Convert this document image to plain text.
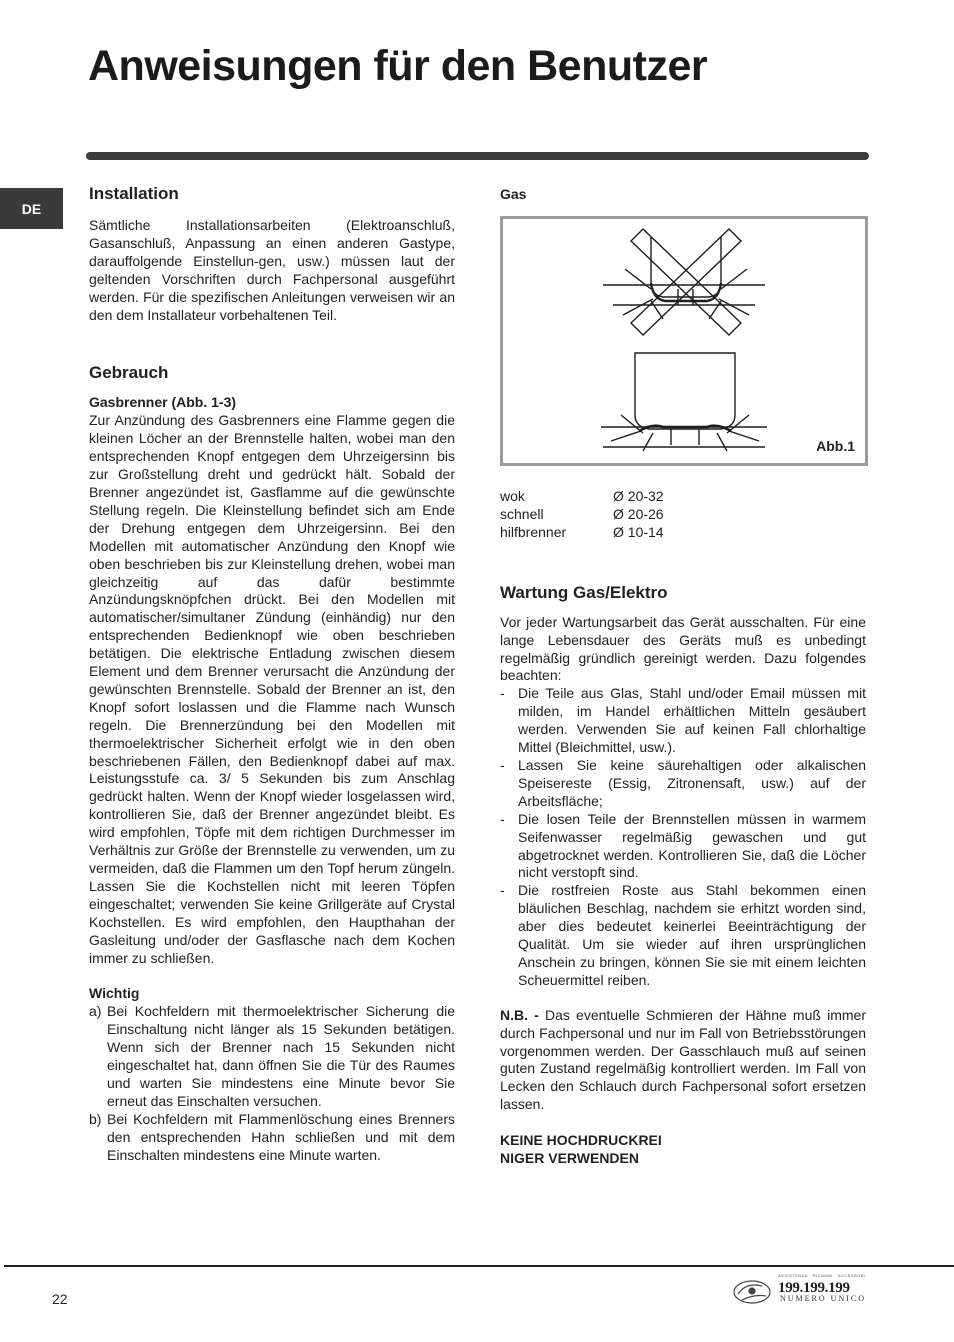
Anweisungen für den Benutzer
DE
Installation

Sämtliche Installationsarbeiten (Elektroanschluß, Gasanschluß, Anpassung an einen anderen Gastype, darauffolgende Einstellun-gen, usw.) müssen laut der geltenden Vorschriften durch Fachpersonal ausgeführt werden. Für die spezifischen Anleitungen verweisen wir an den dem Installateur vorbehaltenen Teil.

Gebrauch
Gasbrenner (Abb. 1-3)

Zur Anzündung des Gasbrenners eine Flamme gegen die kleinen Löcher an der Brennstelle halten, wobei man den entsprechenden Knopf entgegen dem Uhrzeigersinn bis zur Großstellung dreht und gedrückt hält. Sobald der Brenner angezündet ist, Gasflamme auf die gewünschte Stellung regeln. Die Kleinstellung befindet sich am Ende der Drehung entgegen dem Uhrzeigersinn. Bei den Modellen mit automatischer Anzündung den Knopf wie oben beschrieben bis zur Kleinstellung drehen, wobei man gleichzeitig auf das dafür bestimmte Anzündungsknöpfchen drückt. Bei den Modellen mit automatischer/simultaner Zündung (einhändig) nur den entsprechenden Bedienknopf wie oben beschrieben betätigen. Die elektrische Entladung zwischen diesem Element und dem Brenner verursacht die Anzündung der gewünschten Brennstelle. Sobald der Brenner an ist, den Knopf sofort loslassen und die Flamme nach Wunsch regeln. Die Brennerzündung bei den Modellen mit thermoelektrischer Sicherheit erfolgt wie in den oben beschriebenen Fällen, den Bedienknopf dabei auf max. Leistungsstufe ca. 3/ 5 Sekunden bis zum Anschlag gedrückt halten. Wenn der Knopf wieder losgelassen wird, kontrollieren Sie, daß der Brenner angezündet bleibt. Es wird empfohlen, Töpfe mit dem richtigen Durchmesser im Verhältnis zur Größe der Brennstelle zu verwenden, um zu vermeiden, daß die Flammen um den Topf herum züngeln. Lassen Sie die Kochstellen nicht mit leeren Töpfen eingeschaltet; verwenden Sie keine Grillgeräte auf Crystal Kochstellen. Es wird empfohlen, den Haupthahan der Gasleitung und/oder der Gasflasche nach dem Kochen immer zu schließen.

Wichtig
a) Bei Kochfeldern mit thermoelektrischer Sicherung die Einschaltung nicht länger als 15 Sekunden betätigen. Wenn sich der Brenner nach 15 Sekunden nicht eingeschaltet hat, dann öffnen Sie die Tür des Raumes und warten Sie mindestens eine Minute bevor Sie erneut das Einschalten versuchen.
b) Bei Kochfeldern mit Flammenlöschung eines Brenners den entsprechenden Hahn schließen und mit dem Einschalten mindestens eine Minute warten.
Gas
Abb.1
wok	Ø 20-32
schnell	Ø 20-26
hilfbrenner	Ø 10-14
Wartung Gas/Elektro

Vor jeder Wartungsarbeit das Gerät ausschalten. Für eine lange Lebensdauer des Geräts muß es unbedingt regelmäßig gründlich gereinigt werden. Dazu folgendes beachten:

- Die Teile aus Glas, Stahl und/oder Email müssen mit milden, im Handel erhältlichen Mitteln gesäubert werden. Verwenden Sie auf keinen Fall chlorhaltige Mittel (Bleichmittel, usw.).
- Lassen Sie keine säurehaltigen oder alkalischen Speisereste (Essig, Zitronensaft, usw.) auf der Arbeitsfläche;
- Die losen Teile der Brennstellen müssen in warmem Seifenwasser regelmäßig gewaschen und gut abgetrocknet werden. Kontrollieren Sie, daß die Löcher nicht verstopft sind.
- Die rostfreien Roste aus Stahl bekommen einen bläulichen Beschlag, nachdem sie erhitzt worden sind, aber dies bedeutet keinerlei Beeinträchtigung der Qualität. Um sie wieder auf ihren ursprünglichen Anschein zu bringen, können Sie sie mit einem leichten Scheuermittel reiben.

N.B. - Das eventuelle Schmieren der Hähne muß immer durch Fachpersonal und nur im Fall von Betriebsstörungen vorgenommen werden. Der Gasschlauch muß auf seinen guten Zustand regelmäßig kontrolliert werden. Im Fall von Lecken den Schlauch durch Fachpersonal sofort ersetzen lassen.

KEINE HOCHDRUCKREI
NIGER VERWENDEN
22
ASSISTENZA · RICAMBI · ACCESSORI
199.199.199
NUMERO UNICO
